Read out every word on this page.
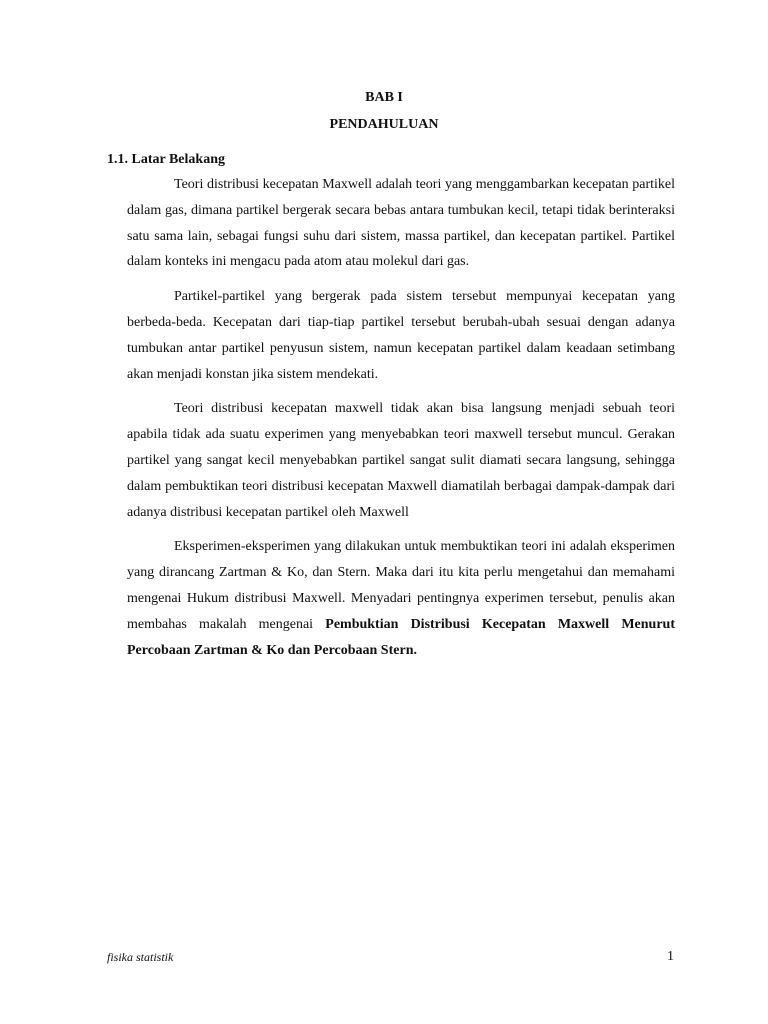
BAB I
PENDAHULUAN
1.1. Latar Belakang

Teori distribusi kecepatan Maxwell adalah teori yang menggambarkan kecepatan partikel dalam gas, dimana partikel bergerak secara bebas antara tumbukan kecil, tetapi tidak berinteraksi satu sama lain, sebagai fungsi suhu dari sistem, massa partikel, dan kecepatan partikel. Partikel dalam konteks ini mengacu pada atom atau molekul dari gas.

Partikel-partikel yang bergerak pada sistem tersebut mempunyai kecepatan yang berbeda-beda. Kecepatan dari tiap-tiap partikel tersebut berubah-ubah sesuai dengan adanya tumbukan antar partikel penyusun sistem, namun kecepatan partikel dalam keadaan setimbang akan menjadi konstan jika sistem mendekati.

Teori distribusi kecepatan maxwell tidak akan bisa langsung menjadi sebuah teori apabila tidak ada suatu experimen yang menyebabkan teori maxwell tersebut muncul. Gerakan partikel yang sangat kecil menyebabkan partikel sangat sulit diamati secara langsung, sehingga dalam pembuktikan teori distribusi kecepatan Maxwell diamatilah berbagai dampak-dampak dari adanya distribusi kecepatan partikel oleh Maxwell

Eksperimen-eksperimen yang dilakukan untuk membuktikan teori ini adalah eksperimen yang dirancang Zartman & Ko, dan Stern. Maka dari itu kita perlu mengetahui dan memahami mengenai Hukum distribusi Maxwell. Menyadari pentingnya experimen tersebut, penulis akan membahas makalah mengenai Pembuktian Distribusi Kecepatan Maxwell Menurut Percobaan Zartman & Ko dan Percobaan Stern.

fisika statistik	1
